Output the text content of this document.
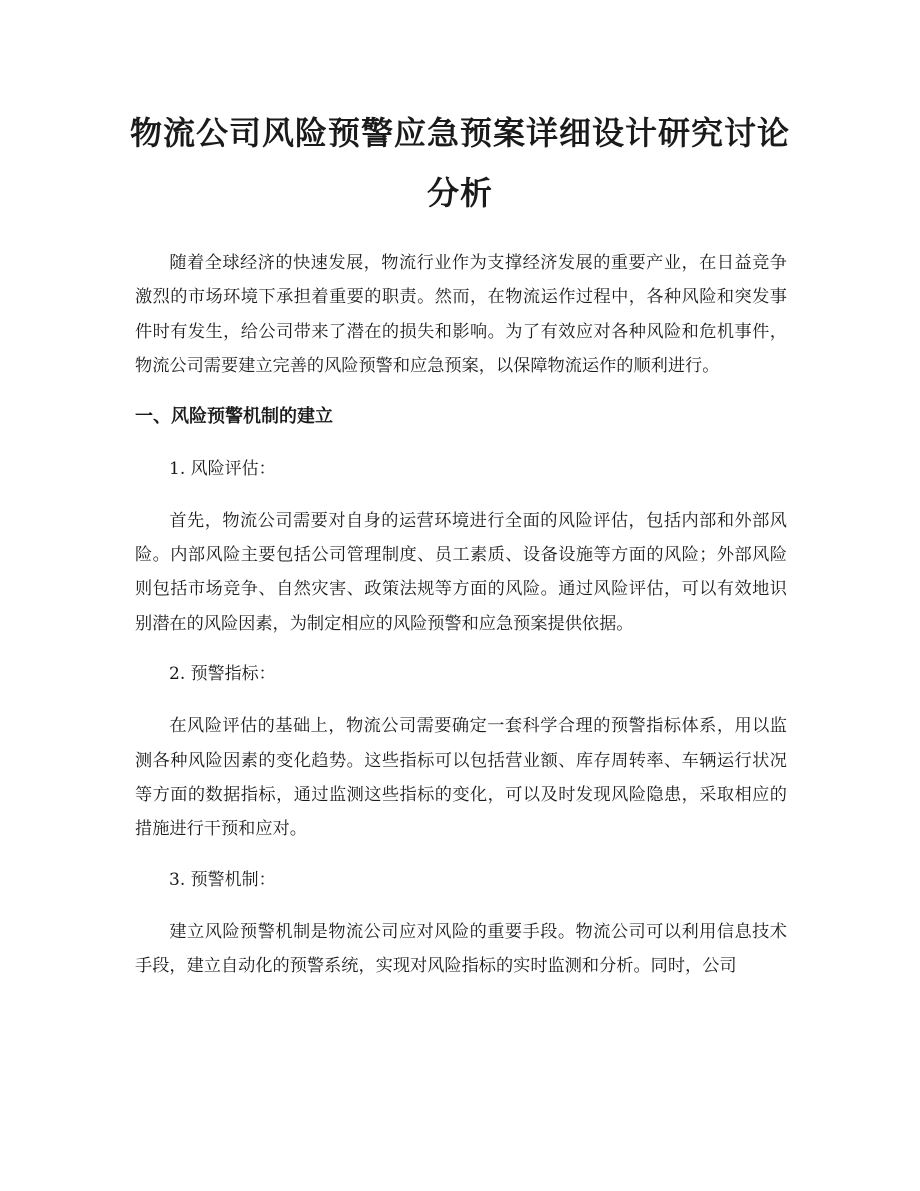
物流公司风险预警应急预案详细设计研究讨论分析

随着全球经济的快速发展，物流行业作为支撑经济发展的重要产业，在日益竞争激烈的市场环境下承担着重要的职责。然而，在物流运作过程中，各种风险和突发事件时有发生，给公司带来了潜在的损失和影响。为了有效应对各种风险和危机事件，物流公司需要建立完善的风险预警和应急预案，以保障物流运作的顺利进行。

一、风险预警机制的建立

1. 风险评估：

首先，物流公司需要对自身的运营环境进行全面的风险评估，包括内部和外部风险。内部风险主要包括公司管理制度、员工素质、设备设施等方面的风险；外部风险则包括市场竞争、自然灾害、政策法规等方面的风险。通过风险评估，可以有效地识别潜在的风险因素，为制定相应的风险预警和应急预案提供依据。

2. 预警指标：

在风险评估的基础上，物流公司需要确定一套科学合理的预警指标体系，用以监测各种风险因素的变化趋势。这些指标可以包括营业额、库存周转率、车辆运行状况等方面的数据指标，通过监测这些指标的变化，可以及时发现风险隐患，采取相应的措施进行干预和应对。

3. 预警机制：

建立风险预警机制是物流公司应对风险的重要手段。物流公司可以利用信息技术手段，建立自动化的预警系统，实现对风险指标的实时监测和分析。同时，公司
